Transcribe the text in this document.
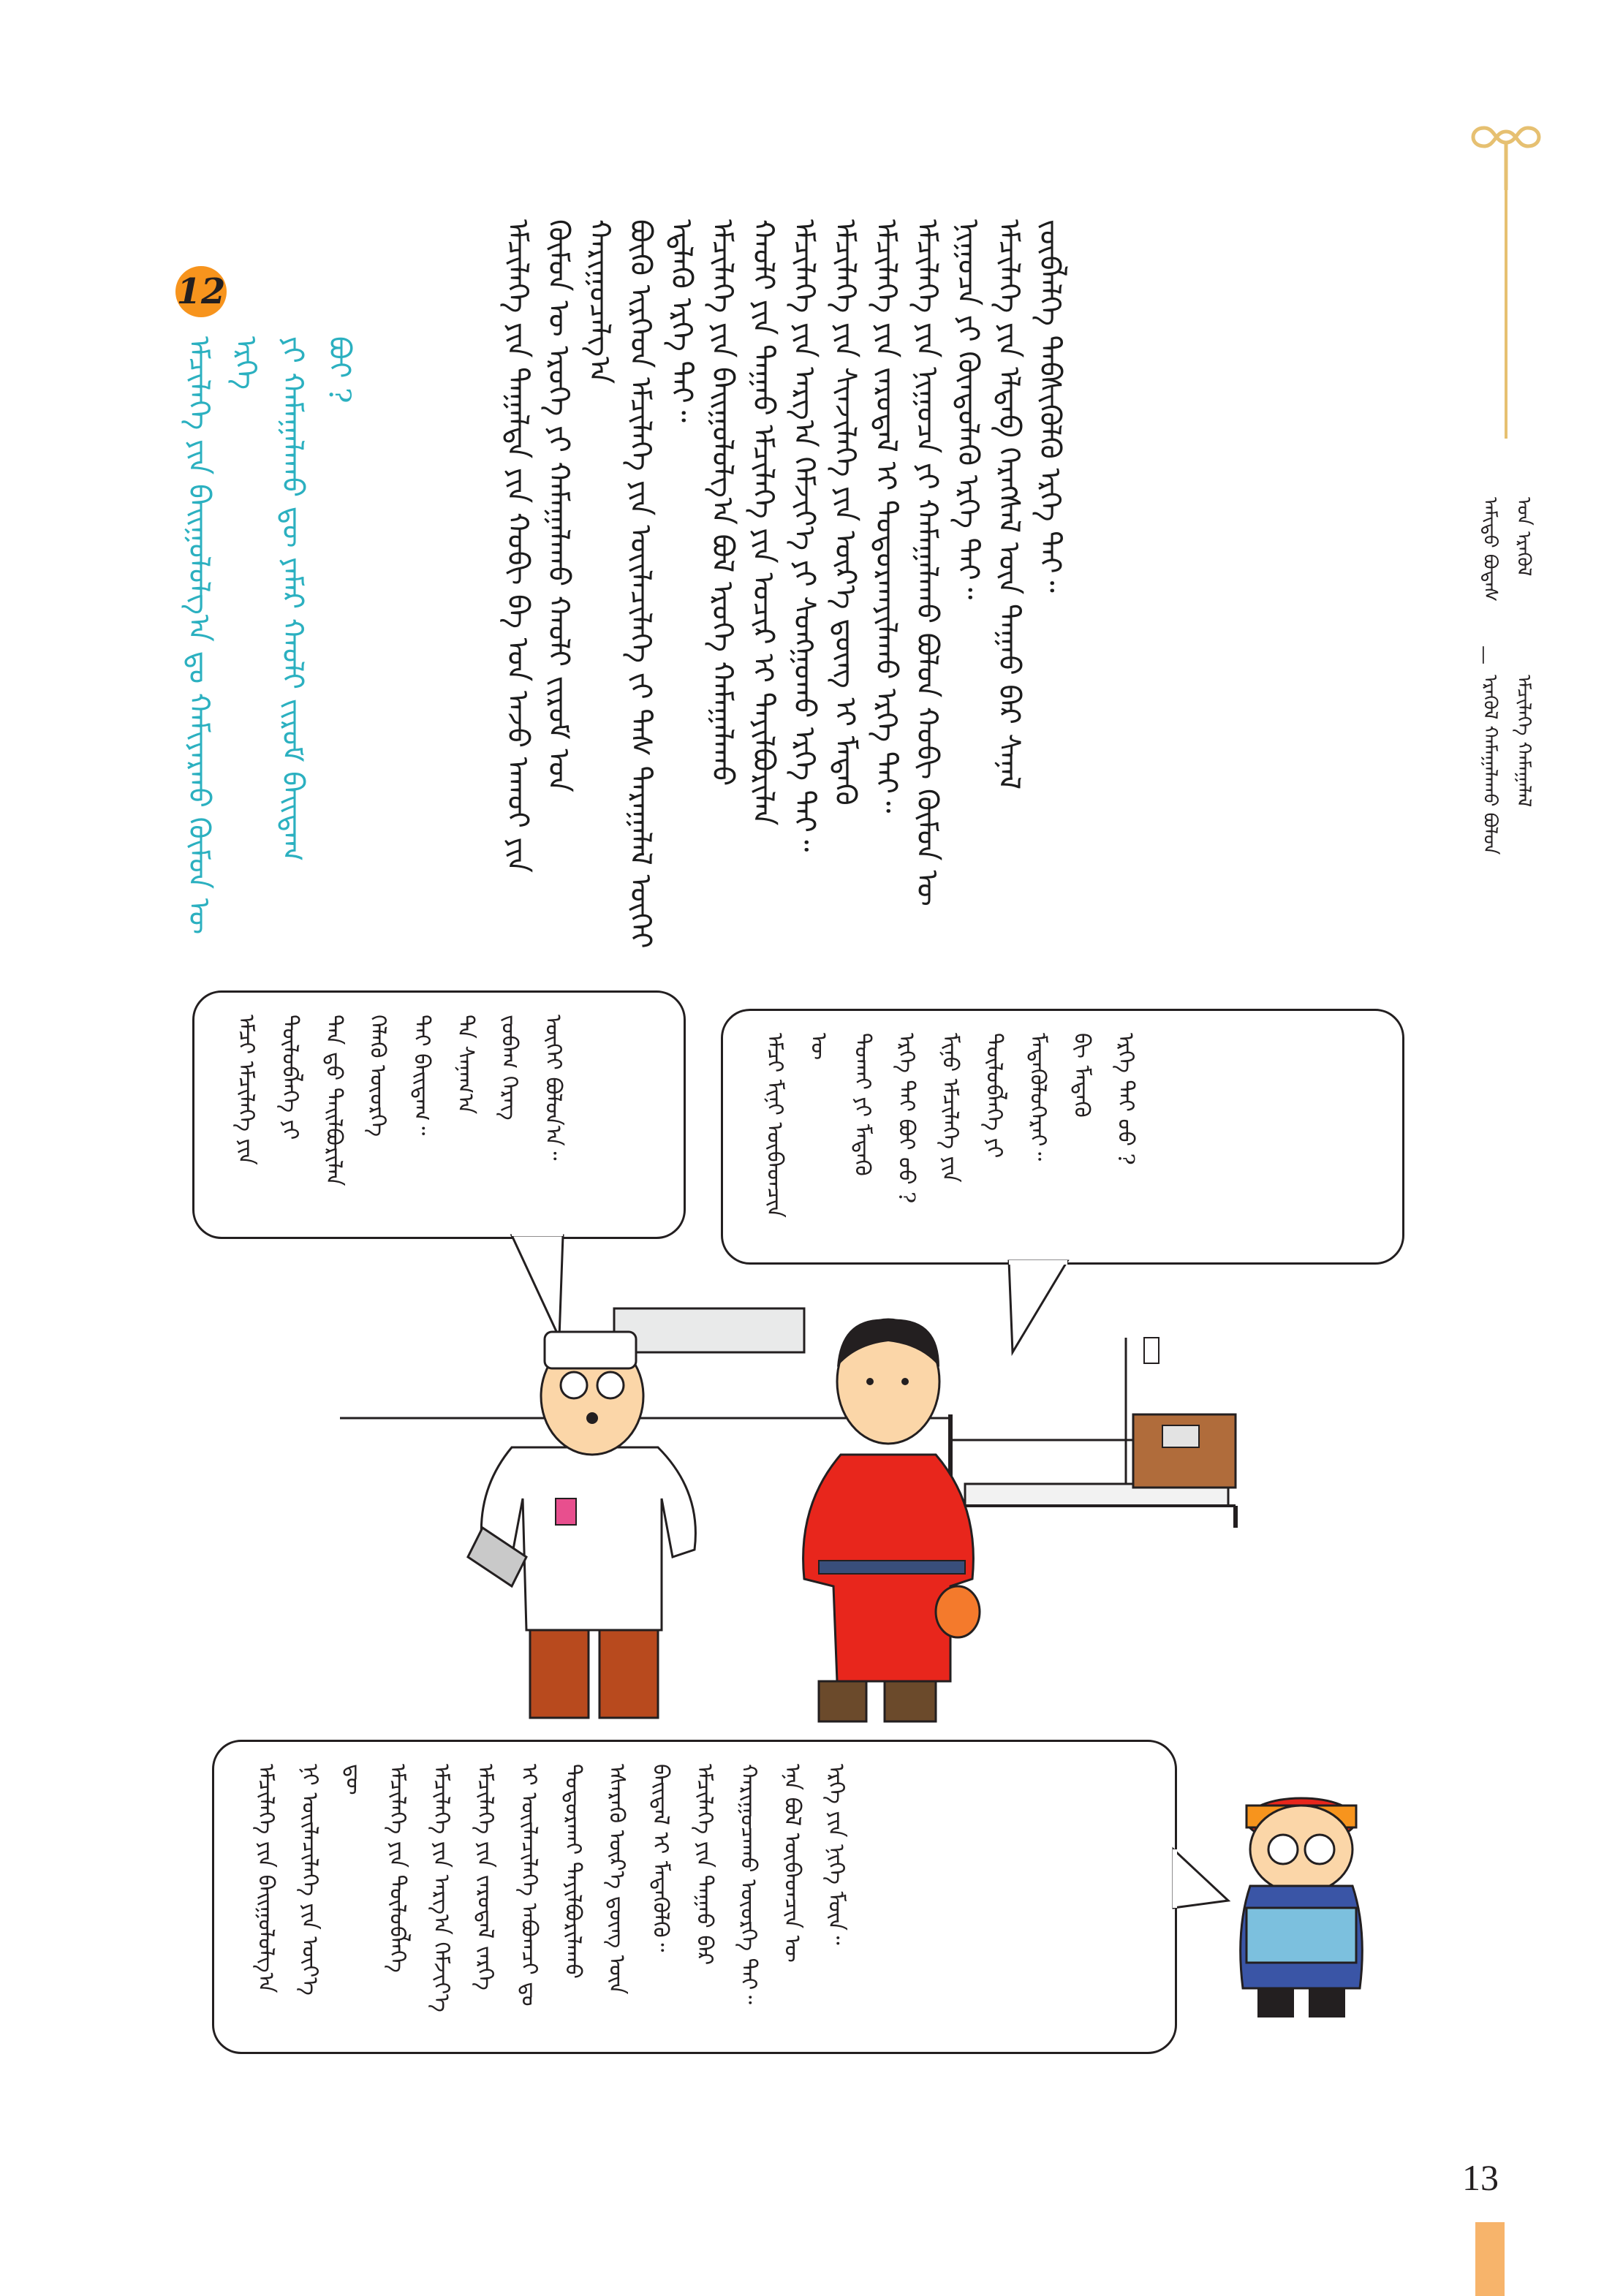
ᠠᠮᠢᠳᠤ ᠪᠣᠳᠠᠰ ᠤᠨ ᠡᠷᠡᠭᠦᠯ
—
ᠡᠷᠡᠭᠦᠯ ᠬᠠᠮᠠᠭᠠᠯᠠᠬᠤ ᠪᠣᠯᠤᠨ ᠡᠮᠴᠢᠯᠡᠭᠡ ᠬᠠᠮᠠᠭᠠᠯᠠᠯ

ᠡᠮᠴᠢᠯᠡᠭᠡ ᠶᠢᠨ ᠳᠠᠭᠠᠯᠲᠠ ᠶᠢᠨ ᠬᠤᠪᠢ ᠪᠠ ᠡᠳ ᠠᠵᠤ ᠠᠬᠤᠢ ᠶᠢᠨ ᠬᠦᠮᠦᠨ ᠦ ᠡᠷᠦᠬᠡ ᠶᠢ ᠬᠠᠮᠠᠭᠠᠯᠠᠬᠤ ᠬᠠᠤᠯᠢ ᠵᠢᠷᠤᠮ ᠤᠨ ᠬᠠᠷᠢᠭᠤᠴᠠᠯᠭ᠎ᠠ ᠪᠦᠬᠦ ᠢᠷᠭᠡᠳ ᠡᠮᠴᠢᠯᠡᠭᠡ ᠶᠢᠨ ᠦᠢᠯᠡᠴᠢᠯᠡᠭᠡ ᠵᠢ ᠳᠡᠰ ᠳᠠᠷᠠᠭᠠᠯᠠᠯ ᠦᠭᠡᠢ ᠡᠳ᠋ᠯᠡᠬᠦ ᠡᠷᠬᠡ ᠲᠡᠢ᠃ ᠡᠮᠴᠢᠯᠡᠭᠡ ᠶᠢᠨ ᠪᠠᠢᠭᠤᠯᠤᠯᠭ᠎ᠠ ᠪᠣᠯ ᠡᠷᠦᠬᠡ ᠬᠠᠮᠠᠭᠠᠯᠠᠬᠤ ᠬᠠᠤᠯᠢ ᠶᠢᠨ ᠳᠠᠭᠠᠤ ᠡᠮᠴᠢᠯᠡᠭᠡ ᠶᠢᠨ ᠤᠴᠢᠷ ᠢ ᠲᠠᠶᠢᠯᠪᠤᠷᠢᠯᠠᠨ ᠡᠮᠴᠢᠯᠡᠭᠡ ᠶᠢᠨ ᠠᠷᠭ᠎ᠠ ᠬᠡᠮᠵᠢᠶ᠎ᠡ ᠶᠢ ᠰᠣᠩᠭᠣᠬᠤ ᠡᠷᠬᠡ ᠲᠡᠢ᠃ ᠡᠮᠴᠢᠯᠡᠭᠡ ᠶᠢᠨ ᠰᠢᠨᠵᠢᠯᠡᠭᠡ ᠶᠢᠨ ᠦᠷ᠎ᠡ ᠳ᠋ᠦᠩ ᠢ ᠮᠡᠳᠡᠬᠦ ᠡᠮᠴᠢᠯᠡᠭᠡ ᠶᠢᠨ ᠵᠠᠷᠤᠳᠠᠯ ᠢ ᠲᠣᠳᠣᠷᠬᠠᠶᠢᠯᠠᠬᠤ ᠡᠷᠬᠡ ᠲᠡᠢ᠃ ᠡᠮᠴᠢᠯᠡᠭᠡ ᠶᠢᠨ ᠨᠢᠭᠤᠴᠠ ᠶᠢ ᠬᠠᠮᠠᠭᠠᠯᠠᠬᠤ ᠪᠣᠯᠤᠨ ᠬᠤᠪᠢ ᠬᠦᠮᠦᠨ ᠦ ᠨᠢᠭᠤᠴᠠ ᠶᠢ ᠬᠦᠨᠳᠦᠯᠡᠬᠦ ᠡᠷᠬᠡ ᠲᠡᠢ᠃ ᠡᠮᠴᠢᠯᠡᠭᠡ ᠶᠢᠨ ᠡᠯᠳᠡᠪ ᠬᠡᠷᠡᠭᠰᠡᠯ ᠦᠨ ᠳᠠᠭᠠᠤ ᠪᠠᠷ ᠰᠠᠨᠠᠯ ᠵᠥᠪᠯᠡᠯᠭᠡ ᠳᠡᠪᠰᠢᠭᠦᠯᠬᠦ ᠡᠷᠬᠡ ᠲᠡᠢ᠃

12

ᠡᠮᠴᠢᠯᠡᠭᠡ ᠶᠢᠨ ᠪᠠᠢᠭᠤᠯᠤᠯᠭ᠎ᠠ ᠳᠤ ᠬᠠᠮᠢᠶᠠᠷᠬᠤ ᠬᠦᠮᠦᠨ ᠦ ᠡᠷᠬᠡ ᠶᠢ ᠬᠠᠮᠠᠭᠠᠯᠠᠬᠤ ᠳᠦ ᠶᠠᠮᠠᠷ ᠬᠠᠤᠯᠢ ᠵᠢᠷᠤᠮ ᠪᠠᠢᠳᠠᠭ ᠪᠤᠢ ?

ᠡᠮᠴᠢ ᠡᠮᠴᠢᠯᠡᠭᠡ ᠶᠢᠨ ᠲᠥᠯᠦᠪᠯᠡᠭᠡ ᠶᠢ ᠲᠠᠨ ᠳ᠋ᠤ ᠲᠠᠢᠯᠪᠤᠷᠢᠯᠠᠨ ᠬᠡᠯᠡᠬᠦ ᠦᠦᠷᠭᠡ ᠲᠡᠢ ᠪᠠᠢᠳᠠᠭ᠃ ᠲᠠ ᠰᠠᠨᠠᠭ᠎ᠠ ᠵᠣᠪᠠᠬ ᠬᠡᠷᠡᠭ ᠦᠭᠡᠢ ᠪᠣᠯᠤᠨ᠎ᠠ᠃	ᠡᠮᠴᠢ ᠮᠢᠨᠢ ᠥᠪᠡᠳᠴᠢᠨ ᠦ ᠲᠤᠬᠠᠢ ᠶᠢ ᠮᠡᠳᠡᠬᠦ ᠡᠷᠬᠡ ᠲᠡᠢ ᠪᠤᠢ ᠤᠤ ? ᠮᠢᠨᠤ ᠡᠮᠴᠢᠯᠡᠭᠡ ᠶᠢᠨ ᠲᠥᠯᠦᠪᠯᠡᠭᠡ ᠶᠢ ᠮᠡᠳᠡᠭᠦᠯᠦᠭᠡᠷᠡᠢ᠃ ᠪᠢ ᠮᠡᠳᠡᠬᠦ ᠡᠷᠬᠡ ᠲᠡᠢ ᠦᠦ ?
ᠡᠮᠴᠢᠯᠡᠭᠡ ᠶᠢᠨ ᠪᠠᠢᠭᠤᠯᠤᠯᠭ᠎ᠠ ᠨᠢ ᠦᠢᠯᠡᠴᠢᠯᠡᠭᠡ ᠶᠢᠨ ᠦᠶ᠎ᠡ ᠳᠦ ᠡᠮᠴᠢᠯᠡᠭᠡ ᠶᠢᠨ ᠲᠥᠯᠦᠪᠯᠡᠭᠡ ᠡᠮᠴᠢᠯᠡᠭᠡ ᠶᠢᠨ ᠠᠷᠭ᠎ᠠ ᠬᠡᠮᠵᠢᠶ᠎ᠡ ᠡᠮᠴᠢᠯᠡᠭᠡ ᠶᠢᠨ ᠵᠠᠷᠤᠳᠠᠯ ᠵᠡᠷᠭᠡ ᠢ ᠦᠢᠯᠡᠴᠢᠯᠡᠭᠡ ᠠᠪᠤᠭᠴᠢ ᠳᠤ ᠲᠣᠳᠣᠷᠬᠠᠢ ᠲᠠᠶᠢᠯᠪᠤᠷᠢᠯᠠᠬᠤ ᠡᠰᠡᠷᠡᠭᠦ ᠦᠷ᠎ᠡ ᠳ᠋ᠦᠩ ᠦᠨ ᠪᠠᠢᠳᠠᠯ ᠢ ᠮᠡᠳᠡᠭᠦᠯᠬᠦ᠃ ᠡᠮᠴᠢᠯᠡᠭᠡ ᠶᠢᠨ ᠳᠠᠭᠠᠤ ᠪᠠᠷ ᠬᠠᠷᠢᠭᠤᠴᠠᠬᠤ ᠦᠦᠷᠭᠡ ᠲᠡᠢ᠃ ᠡᠨᠡ ᠪᠣᠯ ᠥᠪᠡᠳᠴᠢᠨ ᠦ ᠡᠷᠬᠡ ᠶᠢᠨ ᠨᠢᠭᠡ ᠮᠥᠨ᠃
13
